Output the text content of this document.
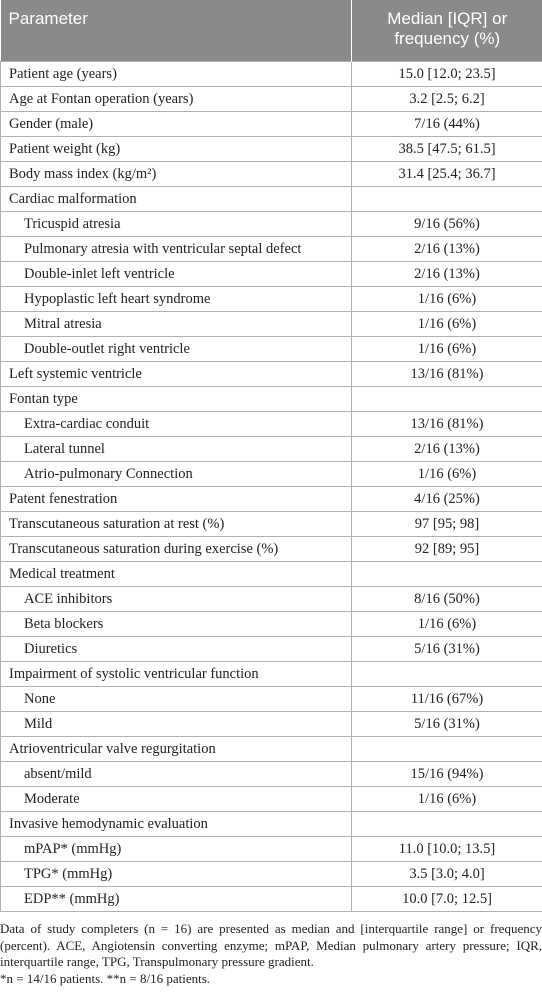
Parameter	Median [IQR] or frequency (%)
Patient age (years)	15.0 [12.0; 23.5]
Age at Fontan operation (years)	3.2 [2.5; 6.2]
Gender (male)	7/16 (44%)
Patient weight (kg)	38.5 [47.5; 61.5]
Body mass index (kg/m²)	31.4 [25.4; 36.7]
Cardiac malformation	
Tricuspid atresia	9/16 (56%)
Pulmonary atresia with ventricular septal defect	2/16 (13%)
Double-inlet left ventricle	2/16 (13%)
Hypoplastic left heart syndrome	1/16 (6%)
Mitral atresia	1/16 (6%)
Double-outlet right ventricle	1/16 (6%)
Left systemic ventricle	13/16 (81%)
Fontan type	
Extra-cardiac conduit	13/16 (81%)
Lateral tunnel	2/16 (13%)
Atrio-pulmonary Connection	1/16 (6%)
Patent fenestration	4/16 (25%)
Transcutaneous saturation at rest (%)	97 [95; 98]
Transcutaneous saturation during exercise (%)	92 [89; 95]
Medical treatment	
ACE inhibitors	8/16 (50%)
Beta blockers	1/16 (6%)
Diuretics	5/16 (31%)
Impairment of systolic ventricular function	
None	11/16 (67%)
Mild	5/16 (31%)
Atrioventricular valve regurgitation	
absent/mild	15/16 (94%)
Moderate	1/16 (6%)
Invasive hemodynamic evaluation	
mPAP* (mmHg)	11.0 [10.0; 13.5]
TPG* (mmHg)	3.5 [3.0; 4.0]
EDP** (mmHg)	10.0 [7.0; 12.5]

Data of study completers (n = 16) are presented as median and [interquartile range] or frequency (percent). ACE, Angiotensin converting enzyme; mPAP, Median pulmonary artery pressure; IQR, interquartile range, TPG, Transpulmonary pressure gradient.

*n = 14/16 patients. **n = 8/16 patients.
